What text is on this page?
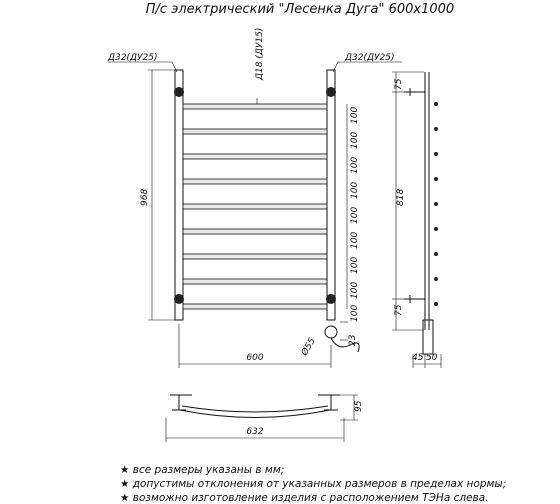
П/с электрический "Лесенка Дуга" 600х1000
Д32(ДУ25)	Д32(ДУ25)
Д18 (ДУ15)
968
100
100
100
100
100
100
100
100
100
Ø55	23
600
75
818
75
45 50
632
95
★ все размеры указаны в мм;
★ допустимы отклонения от указанных размеров в пределах нормы;
★ возможно изготовление изделия с расположением ТЭНа слева.
